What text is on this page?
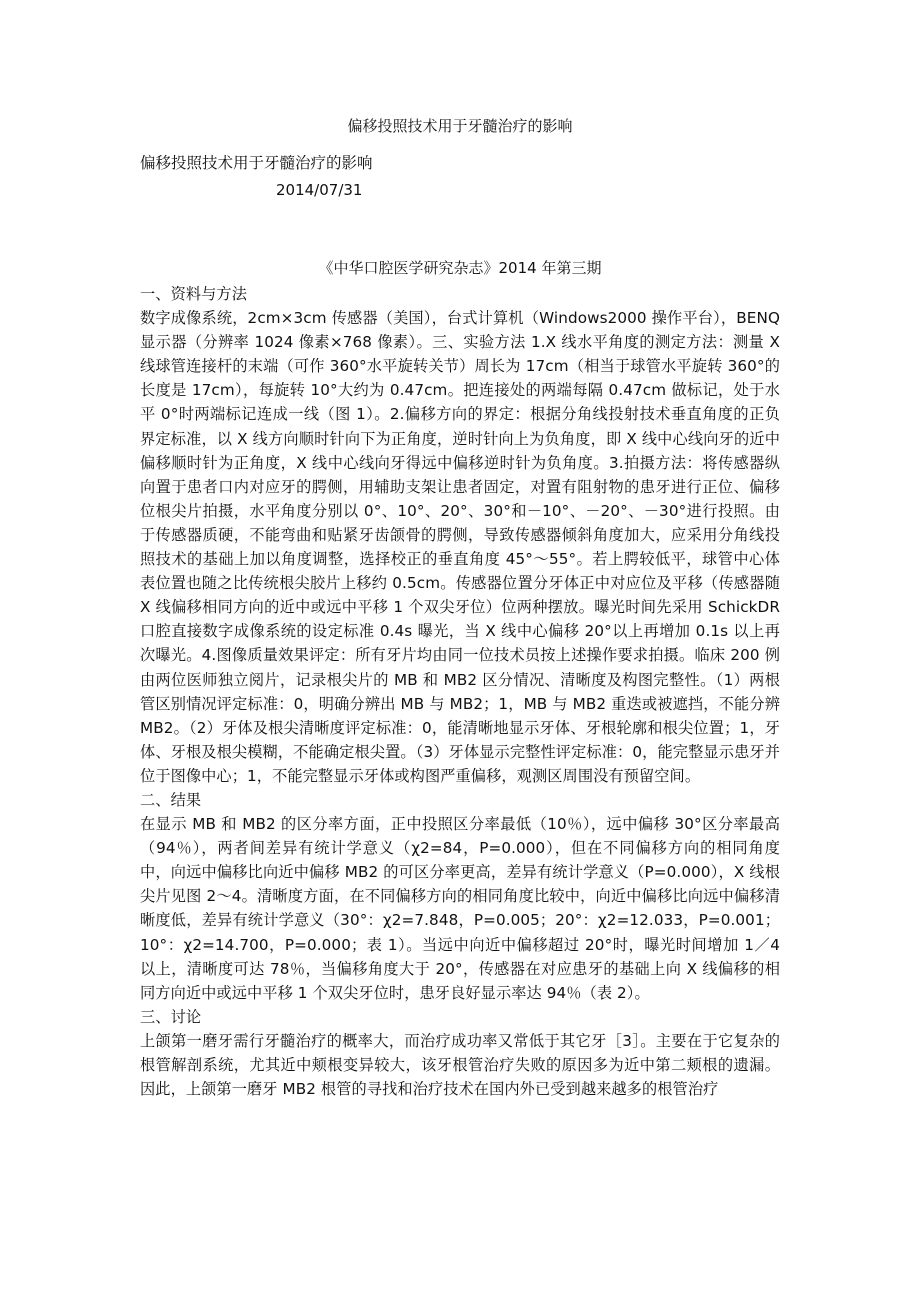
偏移投照技术用于牙髓治疗的影响
偏移投照技术用于牙髓治疗的影响
2014/07/31
《中华口腔医学研究杂志》2014 年第三期

一、资料与方法

数字成像系统，2cm×3cm 传感器（美国），台式计算机（Windows2000 操作平台），BENQ 显示器（分辨率 1024 像素×768 像素）。三、实验方法 1.X 线水平角度的测定方法：测量 X 线球管连接杆的末端（可作 360°水平旋转关节）周长为 17cm（相当于球管水平旋转 360°的长度是 17cm），每旋转 10°大约为 0.47cm。把连接处的两端每隔 0.47cm 做标记，处于水平 0°时两端标记连成一线（图 1）。2.偏移方向的界定：根据分角线投射技术垂直角度的正负界定标准，以 X 线方向顺时针向下为正角度，逆时针向上为负角度，即 X 线中心线向牙的近中偏移顺时针为正角度，X 线中心线向牙得远中偏移逆时针为负角度。3.拍摄方法：将传感器纵向置于患者口内对应牙的腭侧，用辅助支架让患者固定，对置有阻射物的患牙进行正位、偏移位根尖片拍摄，水平角度分别以 0°、10°、20°、30°和－10°、－20°、－30°进行投照。由于传感器质硬，不能弯曲和贴紧牙齿颌骨的腭侧，导致传感器倾斜角度加大，应采用分角线投照技术的基础上加以角度调整，选择校正的垂直角度 45°～55°。若上腭较低平，球管中心体表位置也随之比传统根尖胶片上移约 0.5cm。传感器位置分牙体正中对应位及平移（传感器随 X 线偏移相同方向的近中或远中平移 1 个双尖牙位）位两种摆放。曝光时间先采用 SchickDR 口腔直接数字成像系统的设定标准 0.4s 曝光，当 X 线中心偏移 20°以上再增加 0.1s 以上再次曝光。4.图像质量效果评定：所有牙片均由同一位技术员按上述操作要求拍摄。临床 200 例由两位医师独立阅片，记录根尖片的 MB 和 MB2 区分情况、清晰度及构图完整性。（1）两根管区别情况评定标准：0，明确分辨出 MB 与 MB2；1，MB 与 MB2 重迭或被遮挡，不能分辨 MB2。（2）牙体及根尖清晰度评定标准：0，能清晰地显示牙体、牙根轮廓和根尖位置；1，牙体、牙根及根尖模糊，不能确定根尖置。（3）牙体显示完整性评定标准：0，能完整显示患牙并位于图像中心；1，不能完整显示牙体或构图严重偏移，观测区周围没有预留空间。

二、结果

在显示 MB 和 MB2 的区分率方面，正中投照区分率最低（10％），远中偏移 30°区分率最高（94％），两者间差异有统计学意义（χ2=84，P=0.000），但在不同偏移方向的相同角度中，向远中偏移比向近中偏移 MB2 的可区分率更高，差异有统计学意义（P=0.000），X 线根尖片见图 2～4。清晰度方面，在不同偏移方向的相同角度比较中，向近中偏移比向远中偏移清晰度低，差异有统计学意义（30°：χ2=7.848，P=0.005；20°：χ2=12.033，P=0.001；10°：χ2=14.700，P=0.000；表 1）。当远中向近中偏移超过 20°时，曝光时间增加 1／4 以上，清晰度可达 78％，当偏移角度大于 20°，传感器在对应患牙的基础上向 X 线偏移的相同方向近中或远中平移 1 个双尖牙位时，患牙良好显示率达 94％（表 2）。

三、讨论

上颌第一磨牙需行牙髓治疗的概率大，而治疗成功率又常低于其它牙［3］。主要在于它复杂的根管解剖系统，尤其近中颊根变异较大，该牙根管治疗失败的原因多为近中第二颊根的遗漏。因此，上颌第一磨牙 MB2 根管的寻找和治疗技术在国内外已受到越来越多的根管治疗
